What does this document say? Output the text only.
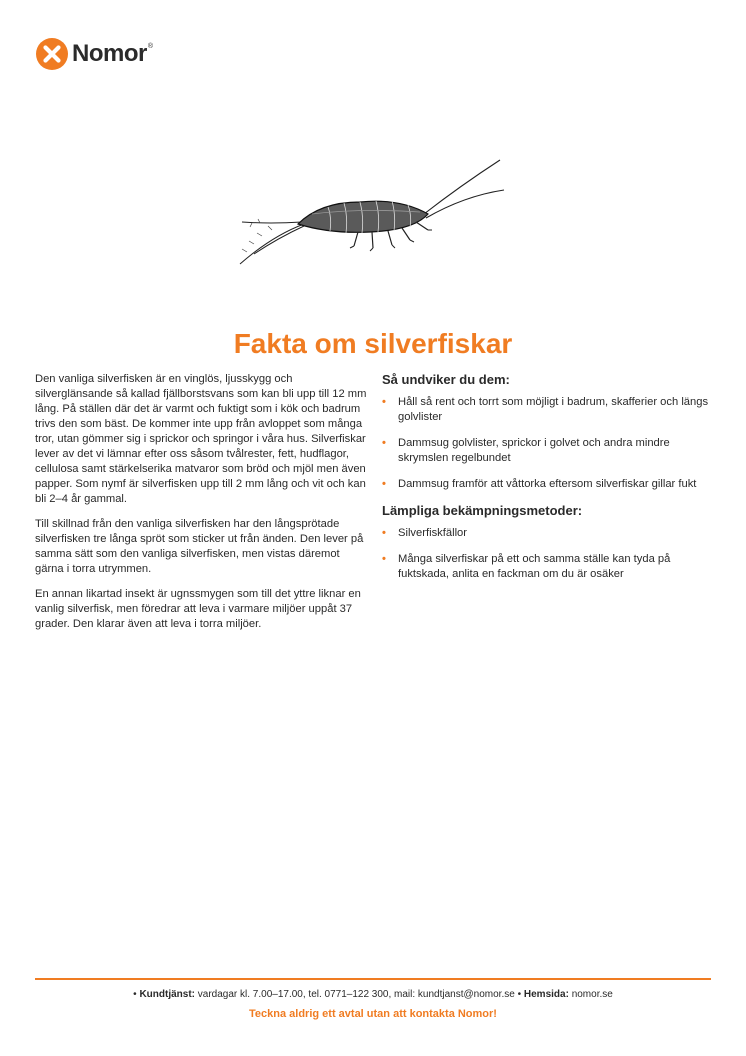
Nomor ®
Fakta om silverfiskar

Den vanliga silverfisken är en vinglös, ljusskygg och silverglänsande så kallad fjällborstsvans som kan bli upp till 12 mm lång. På ställen där det är varmt och fuktigt som i kök och badrum trivs den som bäst. De kommer inte upp från avloppet som många tror, utan gömmer sig i sprickor och springor i våra hus. Silverfiskar lever av det vi lämnar efter oss såsom tvålrester, fett, hudflagor, cellulosa samt stärkelserika matvaror som bröd och mjöl men även papper. Som nymf är silverfisken upp till 2 mm lång och vit och kan bli 2–4 år gammal.

Till skillnad från den vanliga silverfisken har den långsprötade silverfisken tre långa spröt som sticker ut från änden. Den lever på samma sätt som den vanliga silverfisken, men vistas däremot gärna i torra utrymmen.

En annan likartad insekt är ugnssmygen som till det yttre liknar en vanlig silverfisk, men föredrar att leva i varmare miljöer uppåt 37 grader. Den klarar även att leva i torra miljöer.

Så undviker du dem:
• Håll så rent och torrt som möjligt i badrum, skafferier och längs golvlister
• Dammsug golvlister, sprickor i golvet och andra mindre skrymslen regelbundet
• Dammsug framför att våttorka eftersom silverfiskar gillar fukt
Lämpliga bekämpningsmetoder:
• Silverfiskfällor
• Många silverfiskar på ett och samma ställe kan tyda på fuktskada, anlita en fackman om du är osäker
• Kundtjänst: vardagar kl. 7.00–17.00, tel. 0771–122 300, mail: kundtjanst@nomor.se • Hemsida: nomor.se
Teckna aldrig ett avtal utan att kontakta Nomor!
